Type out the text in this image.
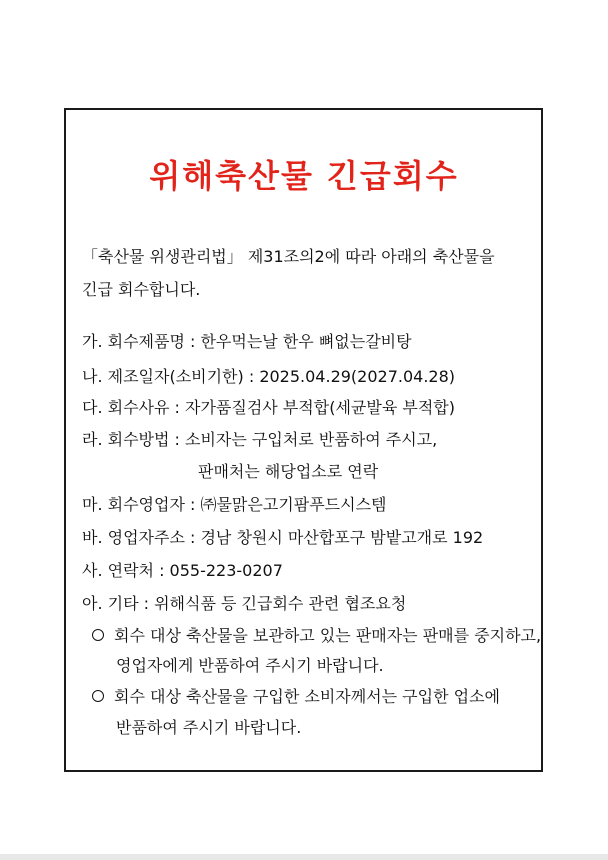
위해축산물 긴급회수
「축산물 위생관리법」 제31조의2에 따라 아래의 축산물을
긴급 회수합니다.
가. 회수제품명 : 한우먹는날 한우 뼈없는갈비탕
나. 제조일자(소비기한) : 2025.04.29(2027.04.28)
다. 회수사유 : 자가품질검사 부적합(세균발육 부적합)
라. 회수방법 : 소비자는 구입처로 반품하여 주시고,
판매처는 해당업소로 연락
마. 회수영업자 : ㈜물맑은고기팜푸드시스템
바. 영업자주소 : 경남 창원시 마산합포구 밤밭고개로 192
사. 연락처 : 055-223-0207
아. 기타 : 위해식품 등 긴급회수 관련 협조요청
회수 대상 축산물을 보관하고 있는 판매자는 판매를 중지하고,
영업자에게 반품하여 주시기 바랍니다.
회수 대상 축산물을 구입한 소비자께서는 구입한 업소에
반품하여 주시기 바랍니다.
